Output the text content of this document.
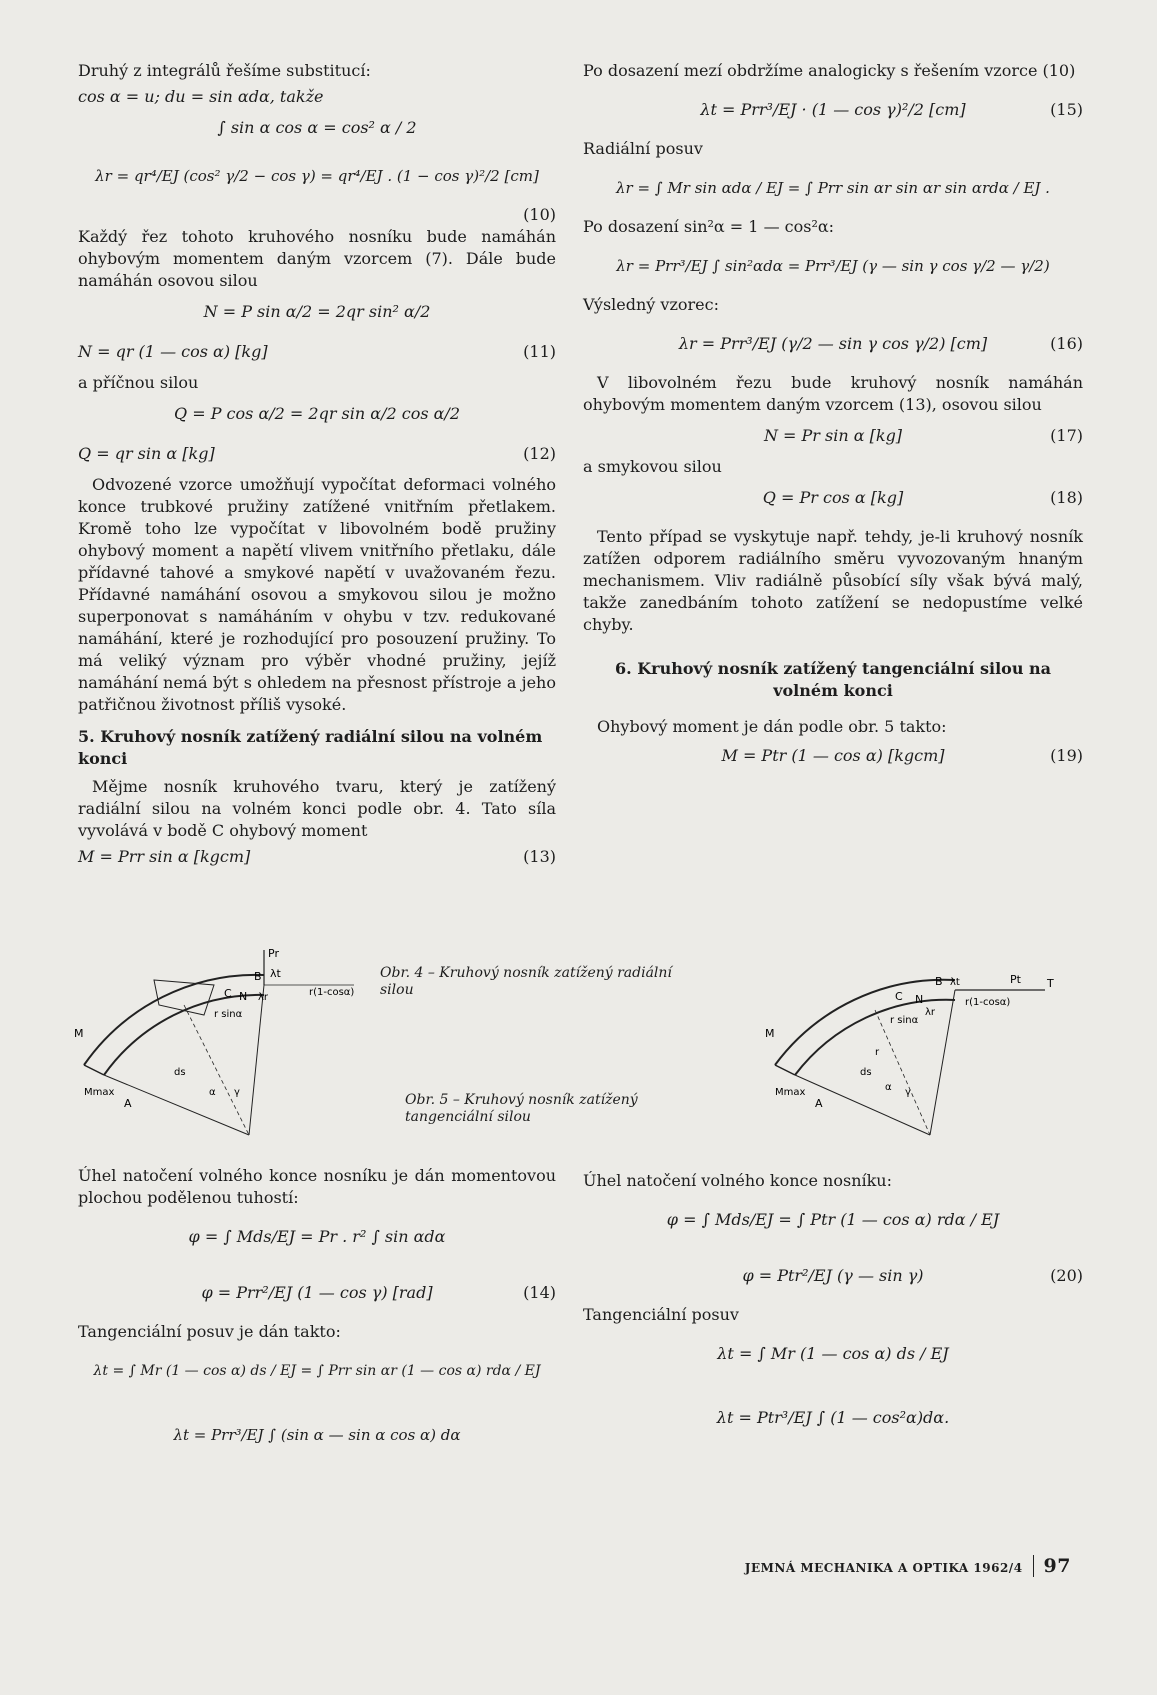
Druhý z integrálů řešíme substitucí:

cos α = u; du = sin αdα, takže

∫ sin α cos α = cos² α / 2
λr = qr⁴/EJ (cos² γ/2 − cos γ) = qr⁴/EJ . (1 − cos γ)²/2 [cm]
(10)

Každý řez tohoto kruhového nosníku bude namáhán ohybovým momentem daným vzorcem (7). Dále bude namáhán osovou silou

N = P sin α/2 = 2qr sin² α/2
N = qr (1 — cos α) [kg]	(11)

a příčnou silou

Q = P cos α/2 = 2qr sin α/2 cos α/2
Q = qr sin α [kg]	(12)

Odvozené vzorce umožňují vypočítat deformaci volného konce trubkové pružiny zatížené vnitřním přetlakem. Kromě toho lze vypočítat v libovolném bodě pružiny ohybový moment a napětí vlivem vnitřního přetlaku, dále přídavné tahové a smykové napětí v uvažovaném řezu. Přídavné namáhání osovou a smykovou silou je možno superponovat s namáháním v ohybu v tzv. redukované namáhání, které je rozhodující pro posouzení pružiny. To má veliký význam pro výběr vhodné pružiny, jejíž namáhání nemá být s ohledem na přesnost přístroje a jeho patřičnou životnost příliš vysoké.

5. Kruhový nosník zatížený radiální silou na volném konci

Mějme nosník kruhového tvaru, který je zatížený radiální silou na volném konci podle obr. 4. Tato síla vyvolává v bodě C ohybový moment

M = Prr sin α [kgcm]	(13)

Po dosazení mezí obdržíme analogicky s řešením vzorce (10)

λt = Prr³/EJ · (1 — cos γ)²/2 [cm]	(15)

Radiální posuv

λr = ∫ Mr sin αdα / EJ = ∫ Prr sin αr sin αr sin αrdα / EJ .

Po dosazení sin²α = 1 — cos²α:

λr = Prr³/EJ ∫ sin²αdα = Prr³/EJ (γ — sin γ cos γ/2 — γ/2)

Výsledný vzorec:

λr = Prr³/EJ (γ/2 — sin γ cos γ/2) [cm]	(16)

V libovolném řezu bude kruhový nosník namáhán ohybovým momentem daným vzorcem (13), osovou silou

N = Pr sin α [kg]	(17)

a smykovou silou

Q = Pr cos α [kg]	(18)

Tento případ se vyskytuje např. tehdy, je-li kruhový nosník zatížen odporem radiálního směru vyvozovaným hnaným mechanismem. Vliv radiálně působící síly však bývá malý, takže zanedbáním tohoto zatížení se nedopustíme velké chyby.

6. Kruhový nosník zatížený tangenciální silou na volném konci

Ohybový moment je dán podle obr. 5 takto:

M = Ptr (1 — cos α) [kgcm]	(19)
Pr
B λt
C N λr	r(1-cosα)
r sinα
M
Mmax
A
ds
α γ
Obr. 4 – Kruhový nosník zatížený radiální silou
Pt T
B λt
C N
λr
r(1-cosα)
r sinα
M
Mmax
A
ds
α γ
r
Obr. 5 – Kruhový nosník zatížený tangenciální silou

Úhel natočení volného konce nosníku je dán momentovou plochou podělenou tuhostí:

φ = ∫ Mds/EJ = Pr . r² ∫ sin αdα
φ = Prr²/EJ (1 — cos γ) [rad]	(14)

Tangenciální posuv je dán takto:

λt = ∫ Mr (1 — cos α) ds / EJ = ∫ Prr sin αr (1 — cos α) rdα / EJ
λt = Prr³/EJ ∫ (sin α — sin α cos α) dα

Úhel natočení volného konce nosníku:

φ = ∫ Mds/EJ = ∫ Ptr (1 — cos α) rdα / EJ
φ = Ptr²/EJ (γ — sin γ)	(20)

Tangenciální posuv

λt = ∫ Mr (1 — cos α) ds / EJ
λt = Ptr³/EJ ∫ (1 — cos²α)dα.
JEMNÁ MECHANIKA A OPTIKA 1962/4 97
